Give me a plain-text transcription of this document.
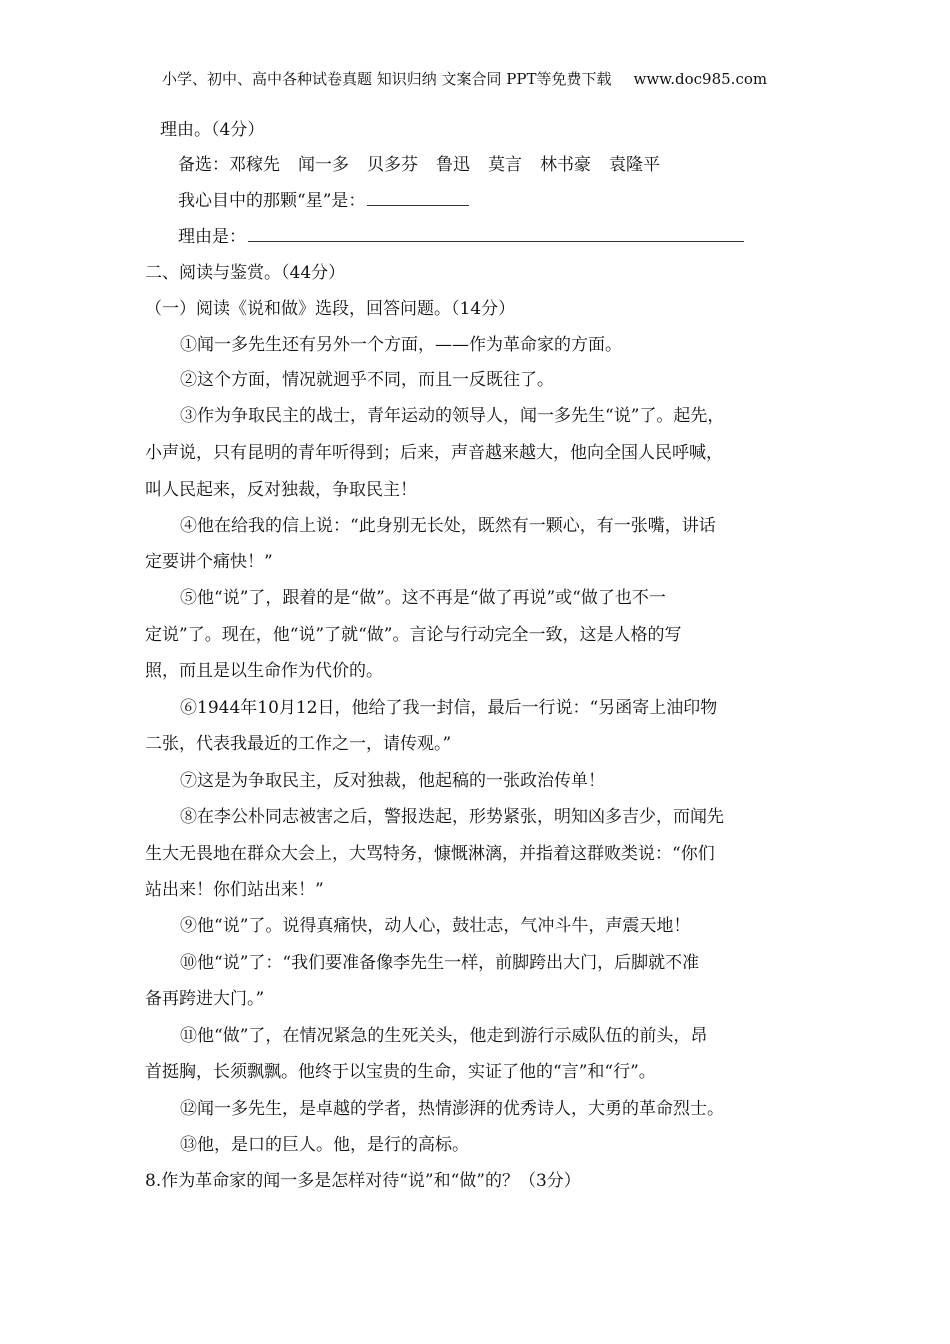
小学、初中、高中各种试卷真题 知识归纳 文案合同 PPT等免费下载 www.doc985.com
理由。（4分）
备选：邓稼先 闻一多 贝多芬 鲁迅 莫言 林书豪 袁隆平
我心目中的那颗“星”是：
理由是：
二、阅读与鉴赏。（44分）
（一）阅读《说和做》选段，回答问题。（14分）
①闻一多先生还有另外一个方面，——作为革命家的方面。
②这个方面，情况就迥乎不同，而且一反既往了。
③作为争取民主的战士，青年运动的领导人，闻一多先生“说”了。起先，
小声说，只有昆明的青年听得到；后来，声音越来越大，他向全国人民呼喊，
叫人民起来，反对独裁，争取民主！
④他在给我的信上说：“此身别无长处，既然有一颗心，有一张嘴，讲话
定要讲个痛快！”
⑤他“说”了，跟着的是“做”。这不再是“做了再说”或“做了也不一
定说”了。现在，他“说”了就“做”。言论与行动完全一致，这是人格的写
照，而且是以生命作为代价的。
⑥1944年10月12日，他给了我一封信，最后一行说：“另函寄上油印物
二张，代表我最近的工作之一，请传观。”
⑦这是为争取民主，反对独裁，他起稿的一张政治传单！
⑧在李公朴同志被害之后，警报迭起，形势紧张，明知凶多吉少，而闻先
生大无畏地在群众大会上，大骂特务，慷慨淋漓，并指着这群败类说：“你们
站出来！你们站出来！”
⑨他“说”了。说得真痛快，动人心，鼓壮志，气冲斗牛，声震天地！
⑩他“说”了：“我们要准备像李先生一样，前脚跨出大门，后脚就不准
备再跨进大门。”
⑪他“做”了，在情况紧急的生死关头，他走到游行示威队伍的前头，昂
首挺胸，长须飘飘。他终于以宝贵的生命，实证了他的“言”和“行”。
⑫闻一多先生，是卓越的学者，热情澎湃的优秀诗人，大勇的革命烈士。
⑬他，是口的巨人。他，是行的高标。
8.作为革命家的闻一多是怎样对待“说”和“做”的？（3分）
